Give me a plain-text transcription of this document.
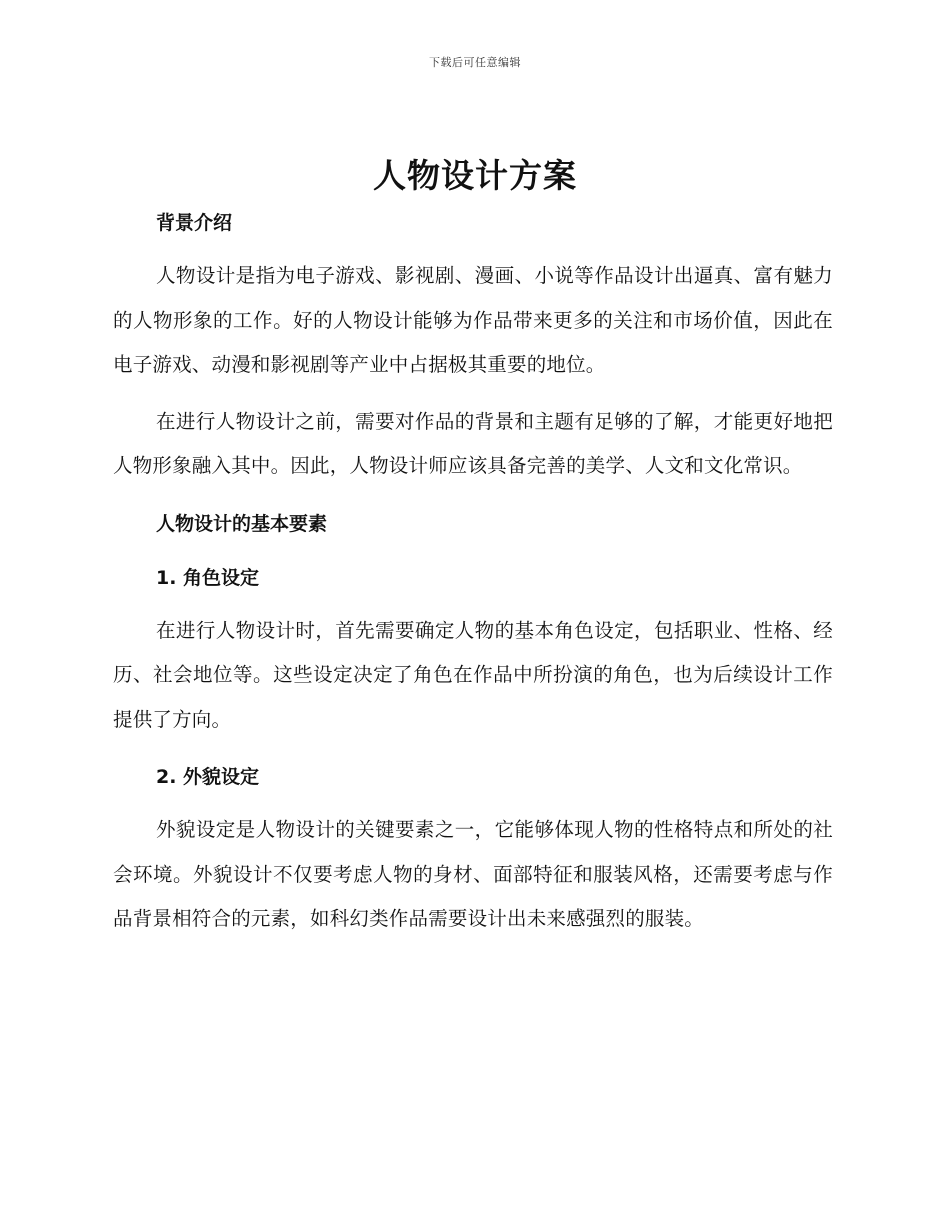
下载后可任意编辑
人物设计方案

背景介绍

人物设计是指为电子游戏、影视剧、漫画、小说等作品设计出逼真、富有魅力的人物形象的工作。好的人物设计能够为作品带来更多的关注和市场价值，因此在电子游戏、动漫和影视剧等产业中占据极其重要的地位。

在进行人物设计之前，需要对作品的背景和主题有足够的了解，才能更好地把人物形象融入其中。因此，人物设计师应该具备完善的美学、人文和文化常识。

人物设计的基本要素

1. 角色设定

在进行人物设计时，首先需要确定人物的基本角色设定，包括职业、性格、经历、社会地位等。这些设定决定了角色在作品中所扮演的角色，也为后续设计工作提供了方向。

2. 外貌设定

外貌设定是人物设计的关键要素之一，它能够体现人物的性格特点和所处的社会环境。外貌设计不仅要考虑人物的身材、面部特征和服装风格，还需要考虑与作品背景相符合的元素，如科幻类作品需要设计出未来感强烈的服装。
